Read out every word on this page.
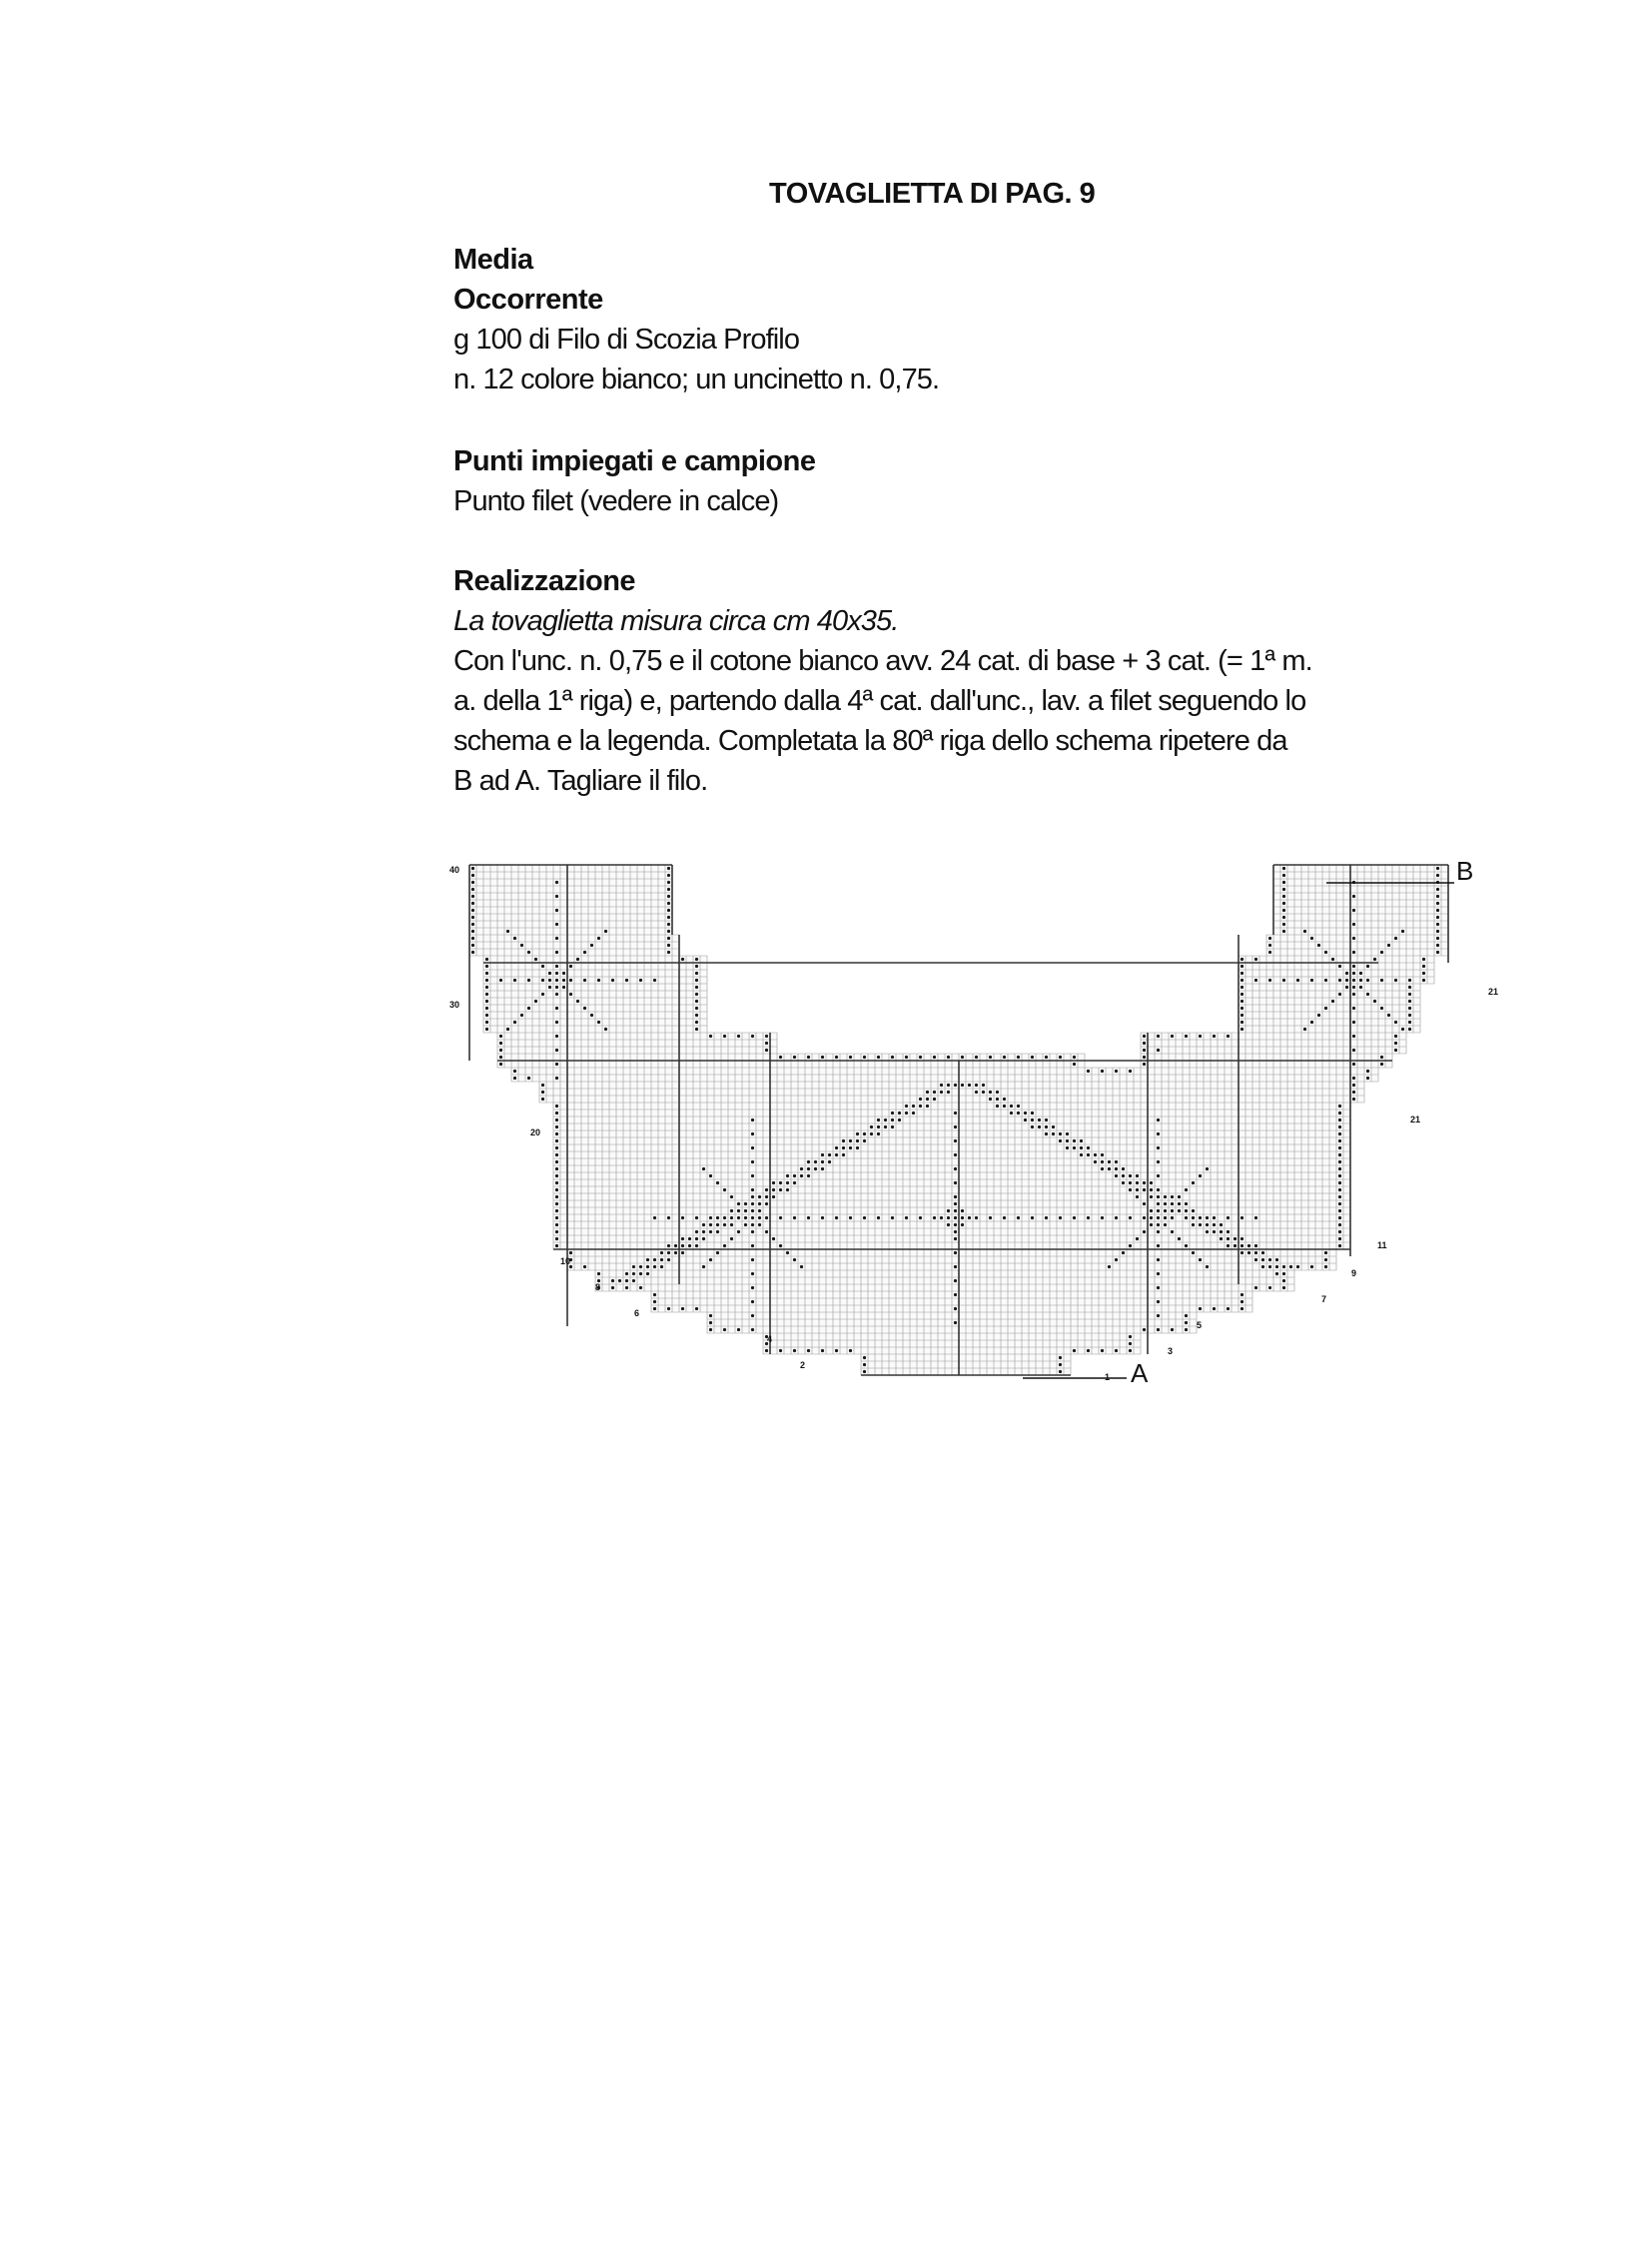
TOVAGLIETTA DI PAG. 9

Media

Occorrente

g 100 di Filo di Scozia Profilo

n. 12 colore bianco; un uncinetto n. 0,75.

Punti impiegati e campione

Punto filet (vedere in calce)

Realizzazione

La tovaglietta misura circa cm 40x35.

Con l'unc. n. 0,75 e il cotone bianco avv. 24 cat. di base + 3 cat. (= 1ª m.

a. della 1ª riga) e, partendo dalla 4ª cat. dall'unc., lav. a filet seguendo lo

schema e la legenda. Completata la 80ª riga dello schema ripetere da

B ad A. Tagliare il filo.

B
A
40
30
20
10
8
6
4
2
21
21
11
9
7
5
3
1
